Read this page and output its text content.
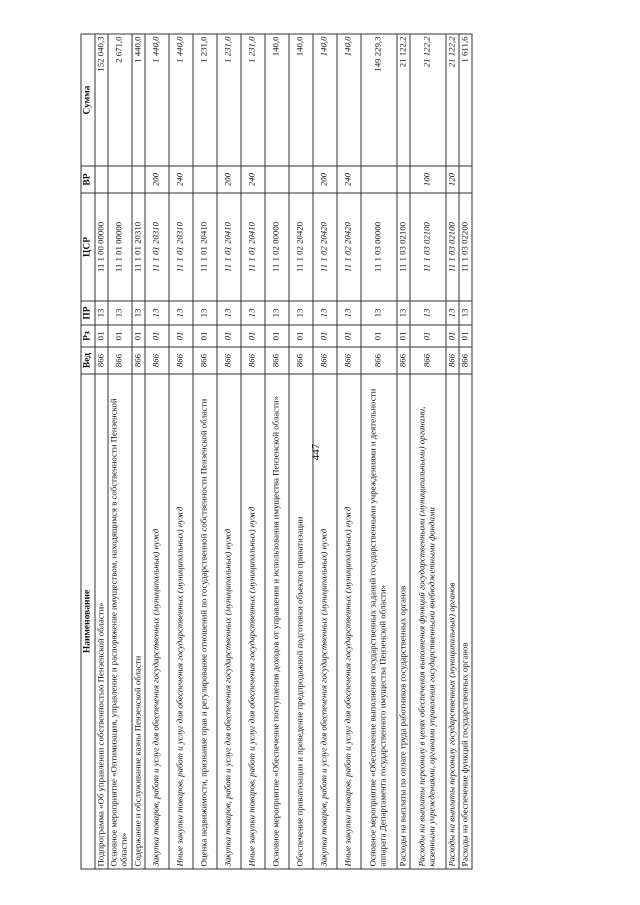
447
Наименование	Вед	Рз	ПР	ЦСР	ВР	Сумма
Подпрограмма «Об управлении собственностью Пензенской области»	866	01	13	11 1 00 00000		152 040,3
Основное мероприятие «Оптимизация, управление и распоряжение имуществом, находящимся в собственности Пензенской области»	866	01	13	11 1 01 00000		2 671,0
Содержание и обслуживание казны Пензенской области	866	01	13	11 1 01 20310		1 440,0
Закупка товаров, работ и услуг для обеспечения государственных (муниципальных) нужд	866	01	13	11 1 01 20310	200	1 440,0
Иные закупки товаров, работ и услуг для обеспечения государственных (муниципальных) нужд	866	01	13	11 1 01 20310	240	1 440,0
Оценка недвижимости, признание прав и регулирование отношений по государственной собственности Пензенской области	866	01	13	11 1 01 20410		1 231,0
Закупка товаров, работ и услуг для обеспечения государственных (муниципальных) нужд	866	01	13	11 1 01 20410	200	1 231,0
Иные закупки товаров, работ и услуг для обеспечения государственных (муниципальных) нужд	866	01	13	11 1 01 20410	240	1 231,0
Основное мероприятие «Обеспечение поступления доходов от управления и использования имущества Пензенской области»	866	01	13	11 1 02 00000		140,0
Обеспечение приватизации и проведение предпродажной подготовки объектов приватизации	866	01	13	11 1 02 20420		140,0
Закупка товаров, работ и услуг для обеспечения государственных (муниципальных) нужд	866	01	13	11 1 02 20420	200	140,0
Иные закупки товаров, работ и услуг для обеспечения государственных (муниципальных) нужд	866	01	13	11 1 02 20420	240	140,0
Основное мероприятие «Обеспечение выполнения государственных заданий государственными учреждениями и деятельности аппарата Департамента государственного имущества Пензенской области»	866	01	13	11 1 03 00000		149 229,3
Расходы на выплаты по оплате труда работников государственных органов	866	01	13	11 1 03 02100		21 122,2
Расходы на выплаты персоналу в целях обеспечения выполнения функций государственными (муниципальными) органами, казенными учреждениями, органами управления государственными внебюджетными фондами	866	01	13	11 1 03 02100	100	21 122,2
Расходы на выплаты персоналу государственных (муниципальных) органов	866	01	13	11 1 03 02100	120	21 122,2
Расходы на обеспечение функций государственных органов	866	01	13	11 1 03 02200		1 611,6
